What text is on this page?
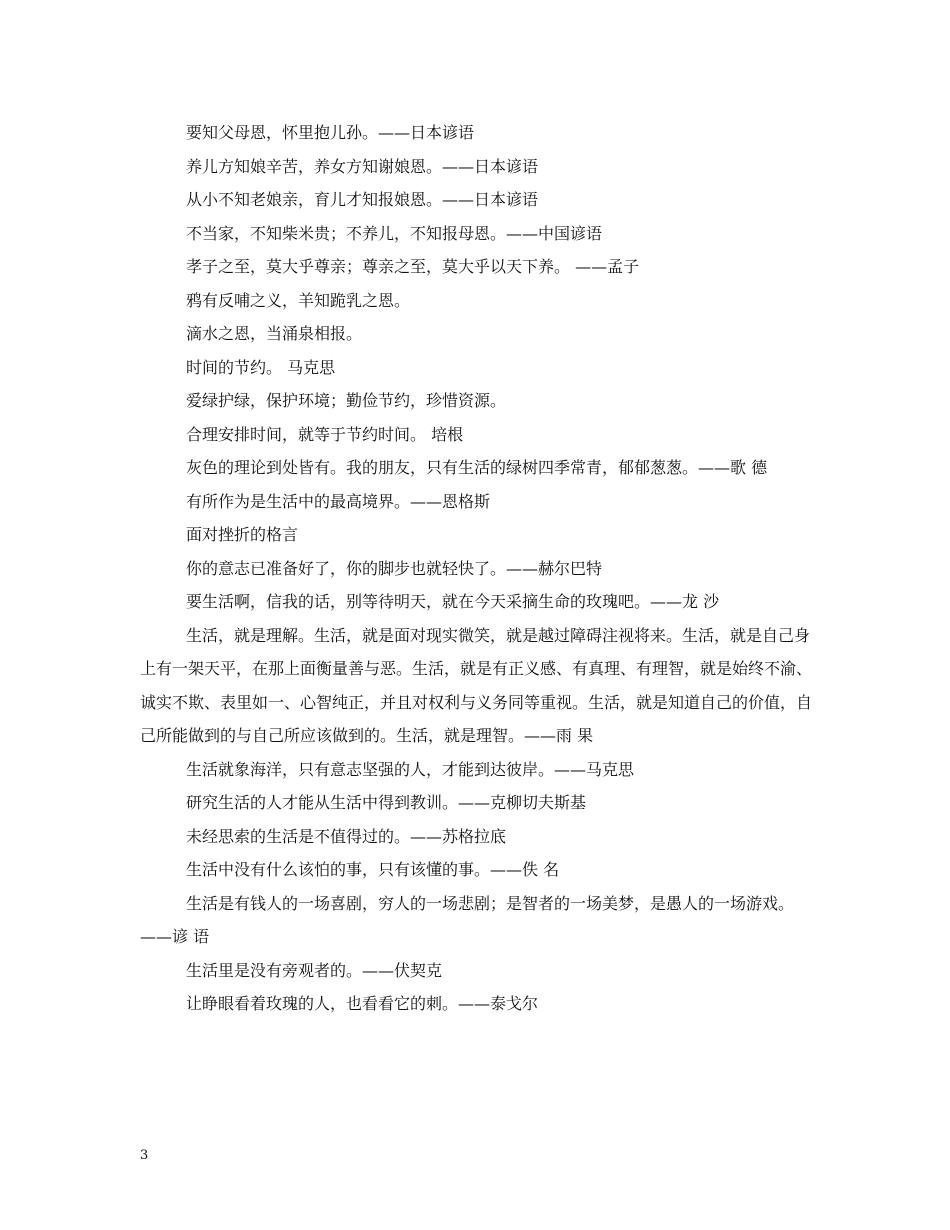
要知父母恩，怀里抱儿孙。——日本谚语

养儿方知娘辛苦，养女方知谢娘恩。——日本谚语

从小不知老娘亲，育儿才知报娘恩。——日本谚语

不当家，不知柴米贵；不养儿，不知报母恩。——中国谚语

孝子之至，莫大乎尊亲；尊亲之至，莫大乎以天下养。 ——孟子

鸦有反哺之义，羊知跪乳之恩。

滴水之恩，当涌泉相报。

时间的节约。 马克思

爱绿护绿，保护环境；勤俭节约，珍惜资源。

合理安排时间，就等于节约时间。 培根

灰色的理论到处皆有。我的朋友，只有生活的绿树四季常青，郁郁葱葱。——歌 德

有所作为是生活中的最高境界。——恩格斯

面对挫折的格言

你的意志已准备好了，你的脚步也就轻快了。——赫尔巴特

要生活啊，信我的话，别等待明天，就在今天采摘生命的玫瑰吧。——龙 沙

生活，就是理解。生活，就是面对现实微笑，就是越过障碍注视将来。生活，就是自己身上有一架天平，在那上面衡量善与恶。生活，就是有正义感、有真理、有理智，就是始终不渝、诚实不欺、表里如一、心智纯正，并且对权利与义务同等重视。生活，就是知道自己的价值，自己所能做到的与自己所应该做到的。生活，就是理智。——雨 果

生活就象海洋，只有意志坚强的人，才能到达彼岸。——马克思

研究生活的人才能从生活中得到教训。——克柳切夫斯基

未经思索的生活是不值得过的。——苏格拉底

生活中没有什么该怕的事，只有该懂的事。——佚 名

生活是有钱人的一场喜剧，穷人的一场悲剧；是智者的一场美梦，是愚人的一场游戏。——谚 语

生活里是没有旁观者的。——伏契克

让睁眼看着玫瑰的人，也看看它的刺。——泰戈尔

3
